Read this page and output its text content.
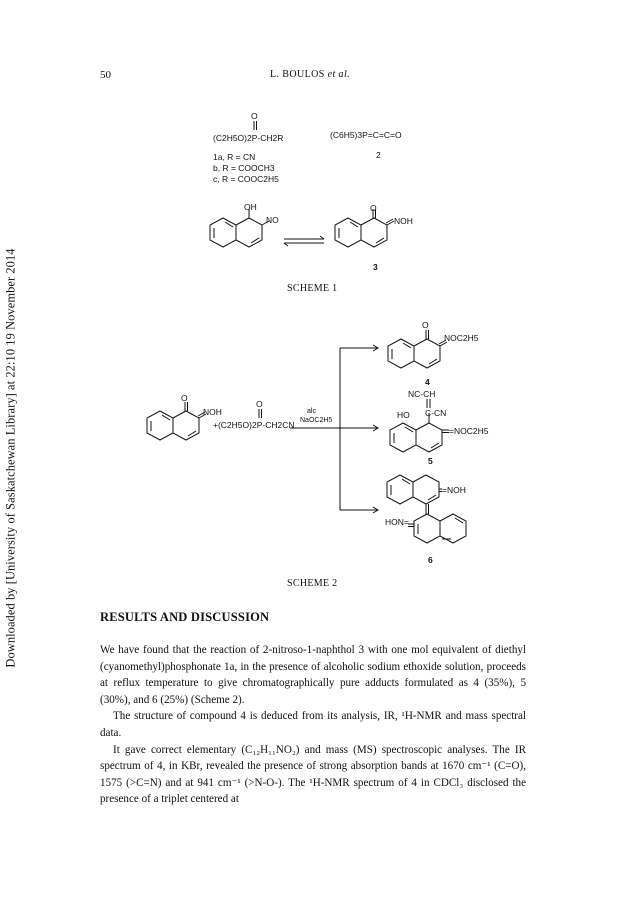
Downloaded by [University of Saskatchewan Library] at 22:10 19 November 2014
50	L. BOULOS et al.
O
(C2H5O)2P-CH2R
1a, R = CN
b, R = COOCH3
c, R = COOC2H5
(C6H5)3P=C=C=O
2
OH
NO
O
NOH
3
SCHEME 1
O
NOH
O
+(C2H5O)2P-CH2CN
alc
NaOC2H5
O
NOC2H5
4
NC-CH
HO C-CN
=NOC2H5
5
=NOH
HON=
6
SCHEME 2
RESULTS AND DISCUSSION

We have found that the reaction of 2-nitroso-1-naphthol 3 with one mol equivalent of diethyl (cyanomethyl)phosphonate 1a, in the presence of alcoholic sodium ethoxide solution, proceeds at reflux temperature to give chromatographically pure adducts formulated as 4 (35%), 5 (30%), and 6 (25%) (Scheme 2).

The structure of compound 4 is deduced from its analysis, IR, ¹H-NMR and mass spectral data.

It gave correct elementary (C₁₂H₁₁NO₂) and mass (MS) spectroscopic analyses. The IR spectrum of 4, in KBr, revealed the presence of strong absorption bands at 1670 cm⁻¹ (C=O), 1575 (>C=N) and at 941 cm⁻¹ (>N-O-). The ¹H-NMR spectrum of 4 in CDCl₃ disclosed the presence of a triplet centered at
